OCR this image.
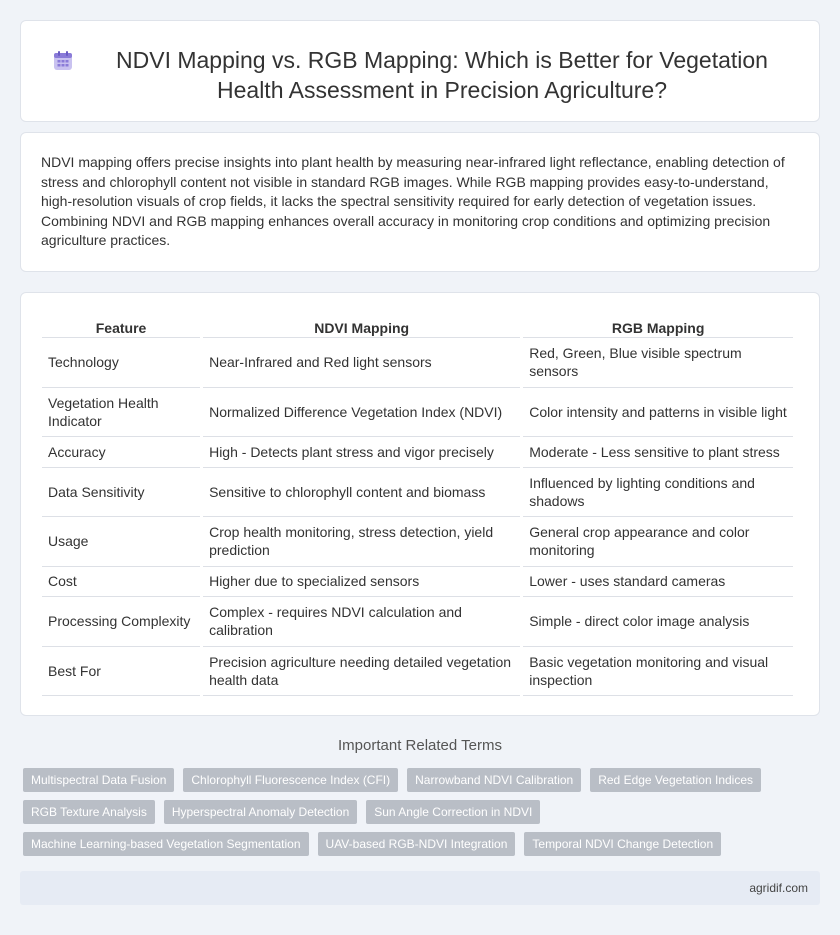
NDVI Mapping vs. RGB Mapping: Which is Better for Vegetation Health Assessment in Precision Agriculture?

NDVI mapping offers precise insights into plant health by measuring near-infrared light reflectance, enabling detection of stress and chlorophyll content not visible in standard RGB images. While RGB mapping provides easy-to-understand, high-resolution visuals of crop fields, it lacks the spectral sensitivity required for early detection of vegetation issues. Combining NDVI and RGB mapping enhances overall accuracy in monitoring crop conditions and optimizing precision agriculture practices.

Feature	NDVI Mapping	RGB Mapping
Technology	Near-Infrared and Red light sensors	Red, Green, Blue visible spectrum sensors
Vegetation Health Indicator	Normalized Difference Vegetation Index (NDVI)	Color intensity and patterns in visible light
Accuracy	High - Detects plant stress and vigor precisely	Moderate - Less sensitive to plant stress
Data Sensitivity	Sensitive to chlorophyll content and biomass	Influenced by lighting conditions and shadows
Usage	Crop health monitoring, stress detection, yield prediction	General crop appearance and color monitoring
Cost	Higher due to specialized sensors	Lower - uses standard cameras
Processing Complexity	Complex - requires NDVI calculation and calibration	Simple - direct color image analysis
Best For	Precision agriculture needing detailed vegetation health data	Basic vegetation monitoring and visual inspection
Important Related Terms
Multispectral Data Fusion	Chlorophyll Fluorescence Index (CFI)	Narrowband NDVI Calibration	Red Edge Vegetation Indices
RGB Texture Analysis	Hyperspectral Anomaly Detection	Sun Angle Correction in NDVI
Machine Learning-based Vegetation Segmentation	UAV-based RGB-NDVI Integration	Temporal NDVI Change Detection
agridif.com
